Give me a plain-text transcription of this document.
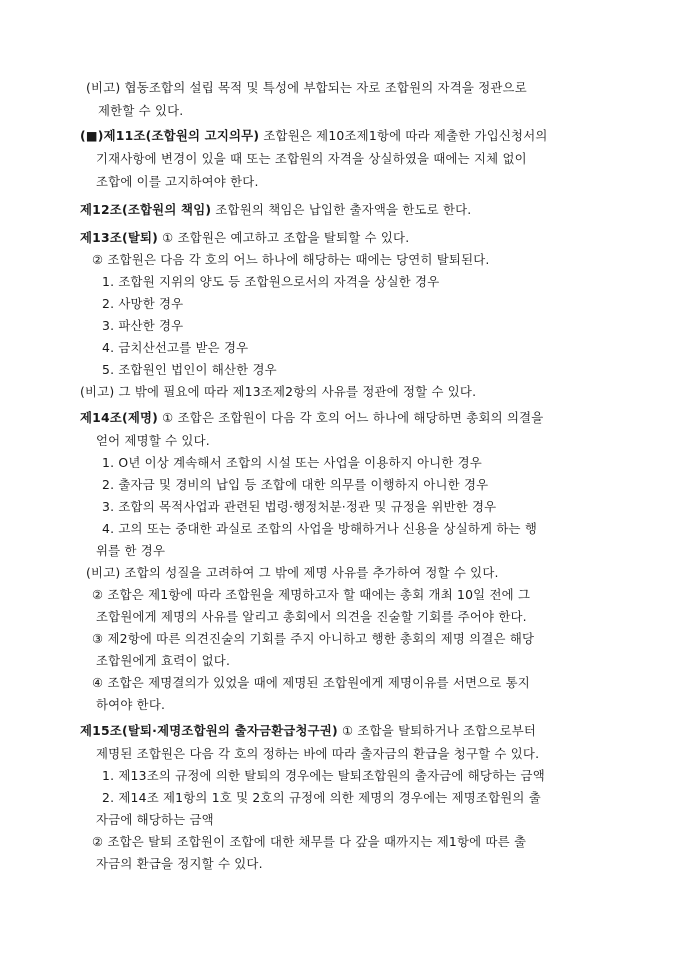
(비고) 협동조합의 설립 목적 및 특성에 부합되는 자로 조합원의 자격을 정관으로

제한할 수 있다.

(■)제11조(조합원의 고지의무) 조합원은 제10조제1항에 따라 제출한 가입신청서의

기재사항에 변경이 있을 때 또는 조합원의 자격을 상실하였을 때에는 지체 없이

조합에 이를 고지하여야 한다.

제12조(조합원의 책임) 조합원의 책임은 납입한 출자액을 한도로 한다.

제13조(탈퇴) ① 조합원은 예고하고 조합을 탈퇴할 수 있다.

② 조합원은 다음 각 호의 어느 하나에 해당하는 때에는 당연히 탈퇴된다.

1. 조합원 지위의 양도 등 조합원으로서의 자격을 상실한 경우

2. 사망한 경우

3. 파산한 경우

4. 금치산선고를 받은 경우

5. 조합원인 법인이 해산한 경우

(비고) 그 밖에 필요에 따라 제13조제2항의 사유를 정관에 정할 수 있다.

제14조(제명) ① 조합은 조합원이 다음 각 호의 어느 하나에 해당하면 총회의 의결을

얻어 제명할 수 있다.

1. O년 이상 계속해서 조합의 시설 또는 사업을 이용하지 아니한 경우

2. 출자금 및 경비의 납입 등 조합에 대한 의무를 이행하지 아니한 경우

3. 조합의 목적사업과 관련된 법령·행정처분·정관 및 규정을 위반한 경우

4. 고의 또는 중대한 과실로 조합의 사업을 방해하거나 신용을 상실하게 하는 행

위를 한 경우

(비고) 조합의 성질을 고려하여 그 밖에 제명 사유를 추가하여 정할 수 있다.

② 조합은 제1항에 따라 조합원을 제명하고자 할 때에는 총회 개최 10일 전에 그

조합원에게 제명의 사유를 알리고 총회에서 의견을 진술할 기회를 주어야 한다.

③ 제2항에 따른 의견진술의 기회를 주지 아니하고 행한 총회의 제명 의결은 해당

조합원에게 효력이 없다.

④ 조합은 제명결의가 있었을 때에 제명된 조합원에게 제명이유를 서면으로 통지

하여야 한다.

제15조(탈퇴·제명조합원의 출자금환급청구권) ① 조합을 탈퇴하거나 조합으로부터

제명된 조합원은 다음 각 호의 정하는 바에 따라 출자금의 환급을 청구할 수 있다.

1. 제13조의 규정에 의한 탈퇴의 경우에는 탈퇴조합원의 출자금에 해당하는 금액

2. 제14조 제1항의 1호 및 2호의 규정에 의한 제명의 경우에는 제명조합원의 출

자금에 해당하는 금액

② 조합은 탈퇴 조합원이 조합에 대한 채무를 다 갚을 때까지는 제1항에 따른 출

자금의 환급을 정지할 수 있다.
